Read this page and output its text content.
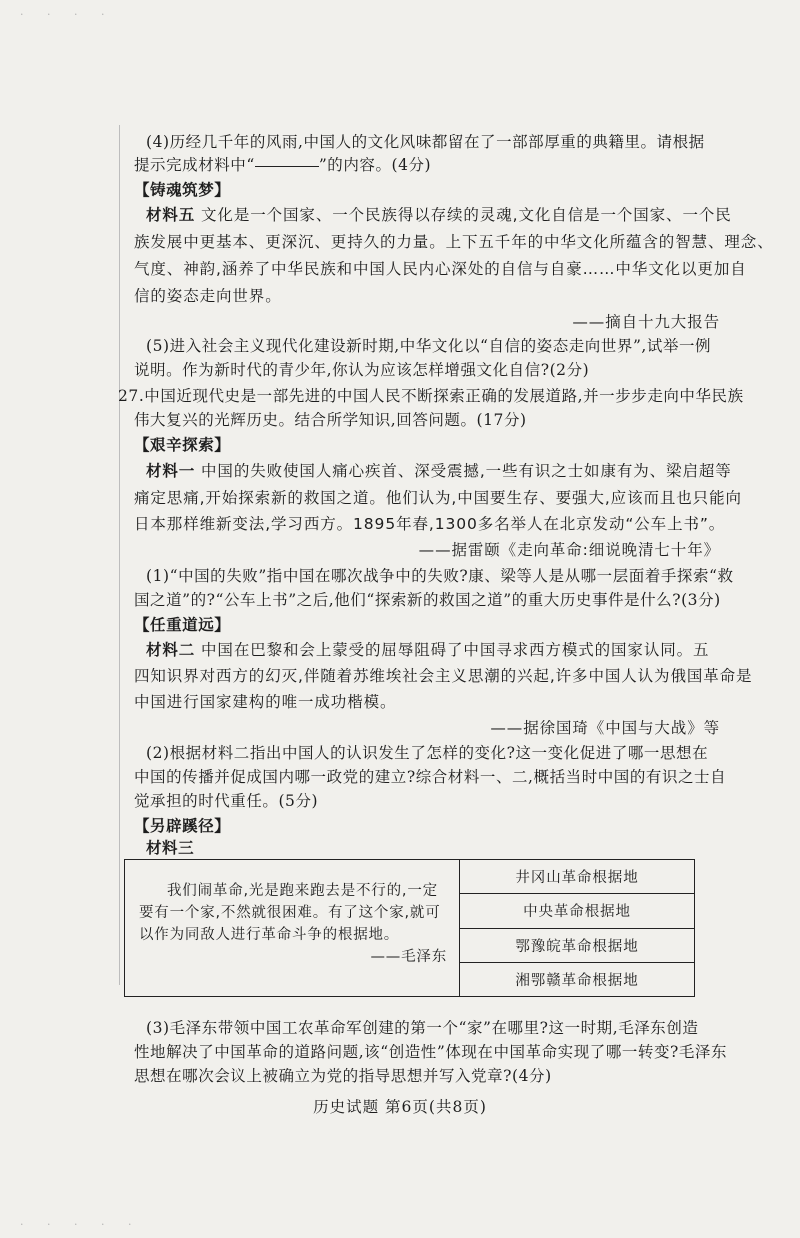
· · · ·
· · · · ·
(4)历经几千年的风雨,中国人的文化风味都留在了一部部厚重的典籍里。请根据
提示完成材料中“	”的内容。(4分)
【铸魂筑梦】
材料五 文化是一个国家、一个民族得以存续的灵魂,文化自信是一个国家、一个民
族发展中更基本、更深沉、更持久的力量。上下五千年的中华文化所蕴含的智慧、理念、
气度、神韵,涵养了中华民族和中国人民内心深处的自信与自豪……中华文化以更加自
信的姿态走向世界。
——摘自十九大报告
(5)进入社会主义现代化建设新时期,中华文化以“自信的姿态走向世界”,试举一例
说明。作为新时代的青少年,你认为应该怎样增强文化自信?(2分)
27.中国近现代史是一部先进的中国人民不断探索正确的发展道路,并一步步走向中华民族
伟大复兴的光辉历史。结合所学知识,回答问题。(17分)
【艰辛探索】
材料一 中国的失败使国人痛心疾首、深受震撼,一些有识之士如康有为、梁启超等
痛定思痛,开始探索新的救国之道。他们认为,中国要生存、要强大,应该而且也只能向
日本那样维新变法,学习西方。1895年春,1300多名举人在北京发动“公车上书”。
——据雷颐《走向革命:细说晚清七十年》
(1)“中国的失败”指中国在哪次战争中的失败?康、梁等人是从哪一层面着手探索“救
国之道”的?“公车上书”之后,他们“探索新的救国之道”的重大历史事件是什么?(3分)
【任重道远】
材料二 中国在巴黎和会上蒙受的屈辱阻碍了中国寻求西方模式的国家认同。五
四知识界对西方的幻灭,伴随着苏维埃社会主义思潮的兴起,许多中国人认为俄国革命是
中国进行国家建构的唯一成功楷模。
——据徐国琦《中国与大战》等
(2)根据材料二指出中国人的认识发生了怎样的变化?这一变化促进了哪一思想在
中国的传播并促成国内哪一政党的建立?综合材料一、二,概括当时中国的有识之士自
觉承担的时代重任。(5分)
【另辟蹊径】
材料三
我们闹革命,光是跑来跑去是不行的,一定
要有一个家,不然就很困难。有了这个家,就可
以作为同敌人进行革命斗争的根据地。
——毛泽东
	井冈山革命根据地
中央革命根据地
鄂豫皖革命根据地
湘鄂赣革命根据地
(3)毛泽东带领中国工农革命军创建的第一个“家”在哪里?这一时期,毛泽东创造
性地解决了中国革命的道路问题,该“创造性”体现在中国革命实现了哪一转变?毛泽东
思想在哪次会议上被确立为党的指导思想并写入党章?(4分)
历史试题 第6页(共8页)
